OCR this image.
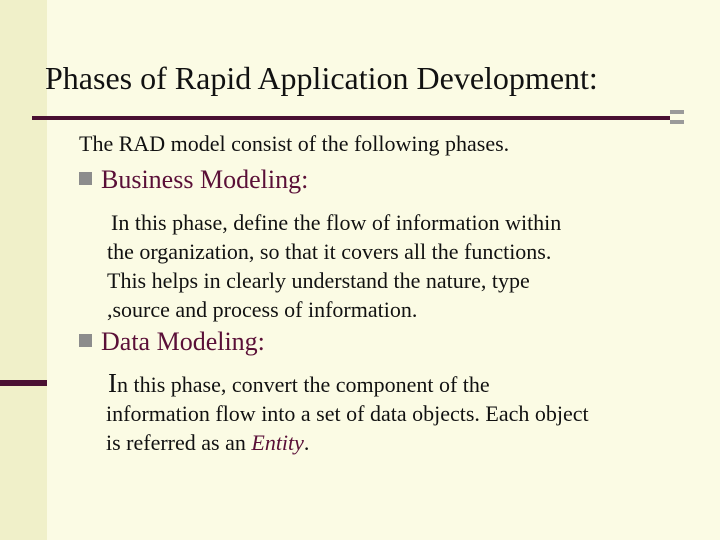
Phases of Rapid Application Development:

The RAD model consist of the following phases.

Business Modeling:
In this phase, define the flow of information within
the organization, so that it covers all the functions.
This helps in clearly understand the nature, type
,source and process of information.
Data Modeling:
In this phase, convert the component of the
information flow into a set of data objects. Each object
is referred as an Entity.
